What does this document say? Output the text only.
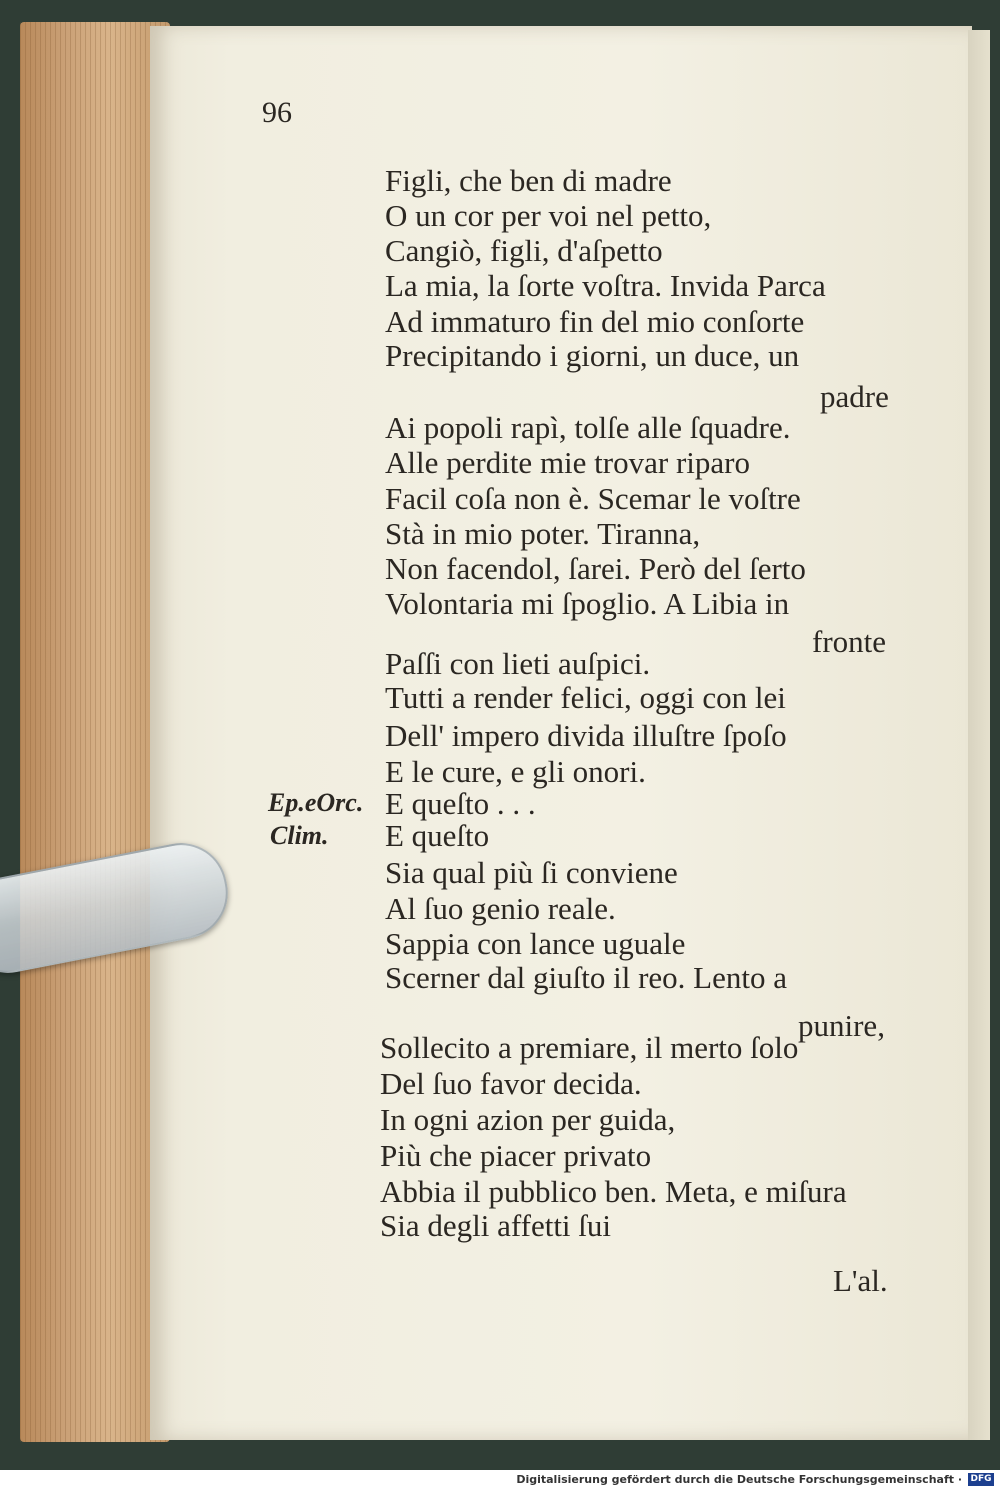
96
Ep.eOrc.
Clim.
Figli, che ben di madre
O un cor per voi nel petto,
Cangiò, figli, d'aſpetto
La mia, la ſorte voſtra. Invida Parca
Ad immaturo fin del mio conſorte
Precipitando i giorni, un duce, un
padre
Ai popoli rapì, tolſe alle ſquadre.
Alle perdite mie trovar riparo
Facil coſa non è. Scemar le voſtre
Stà in mio poter. Tiranna,
Non facendol, ſarei. Però del ſerto
Volontaria mi ſpoglio. A Libia in
fronte
Paſſi con lieti auſpici.
Tutti a render felici, oggi con lei
Dell' impero divida illuſtre ſpoſo
E le cure, e gli onori.
E queſto . . .
E queſto
Sia qual più ſi conviene
Al ſuo genio reale.
Sappia con lance uguale
Scerner dal giuſto il reo. Lento a
punire,
Sollecito a premiare, il merto ſolo
Del ſuo favor decida.
In ogni azion per guida,
Più che piacer privato
Abbia il pubblico ben. Meta, e miſura
Sia degli affetti ſui
L'al.
Digitalisierung gefördert durch die Deutsche Forschungsgemeinschaft · DFG
